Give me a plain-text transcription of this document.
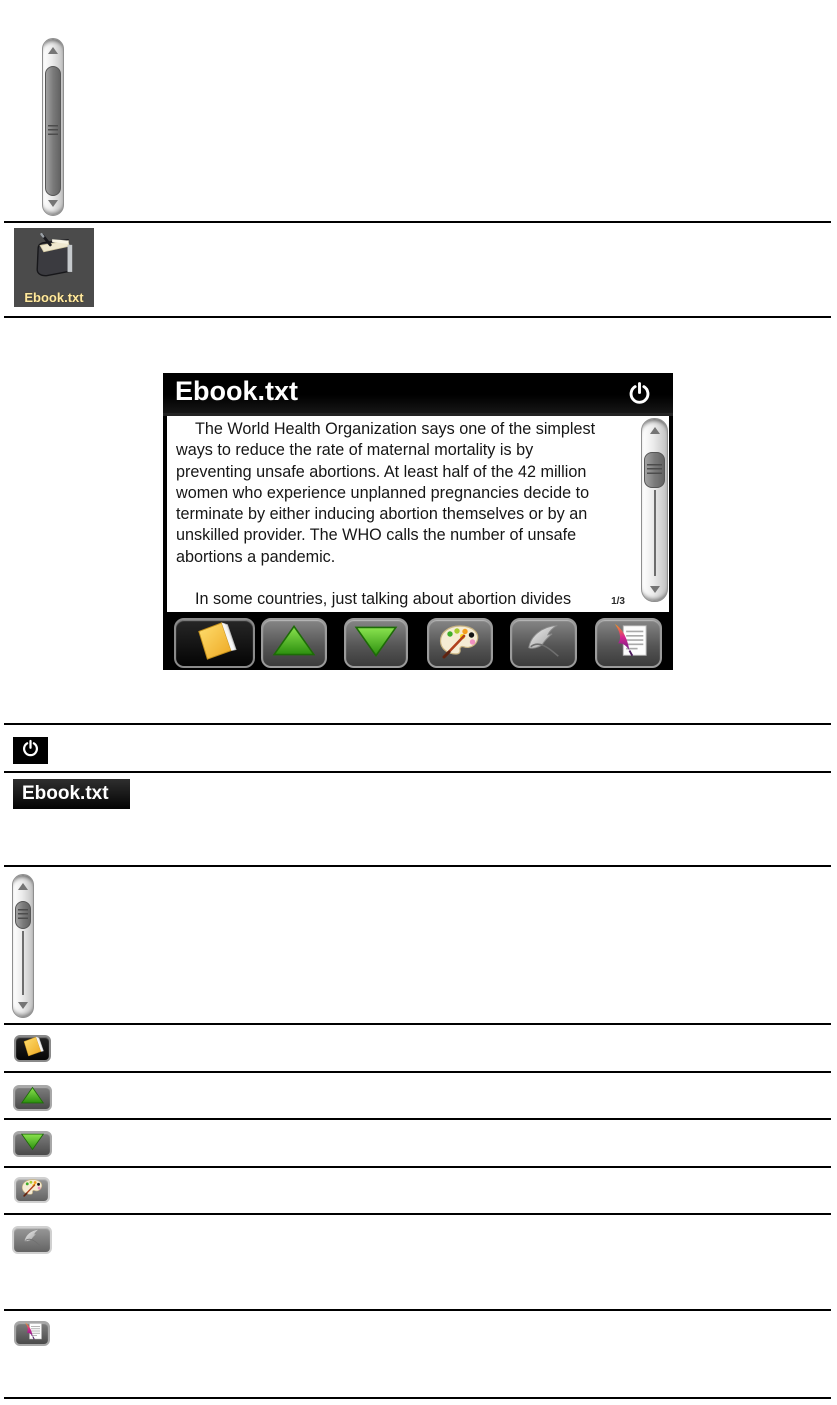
Ebook.txt
Ebook.txt
The World Health Organization says one of the simplest
ways to reduce the rate of maternal mortality is by
preventing unsafe abortions. At least half of the 42 million
women who experience unplanned pregnancies decide to
terminate by either inducing abortion themselves or by an
unskilled provider. The WHO calls the number of unsafe
abortions a pandemic.

In some countries, just talking about abortion divides	1/3
Ebook.txt
